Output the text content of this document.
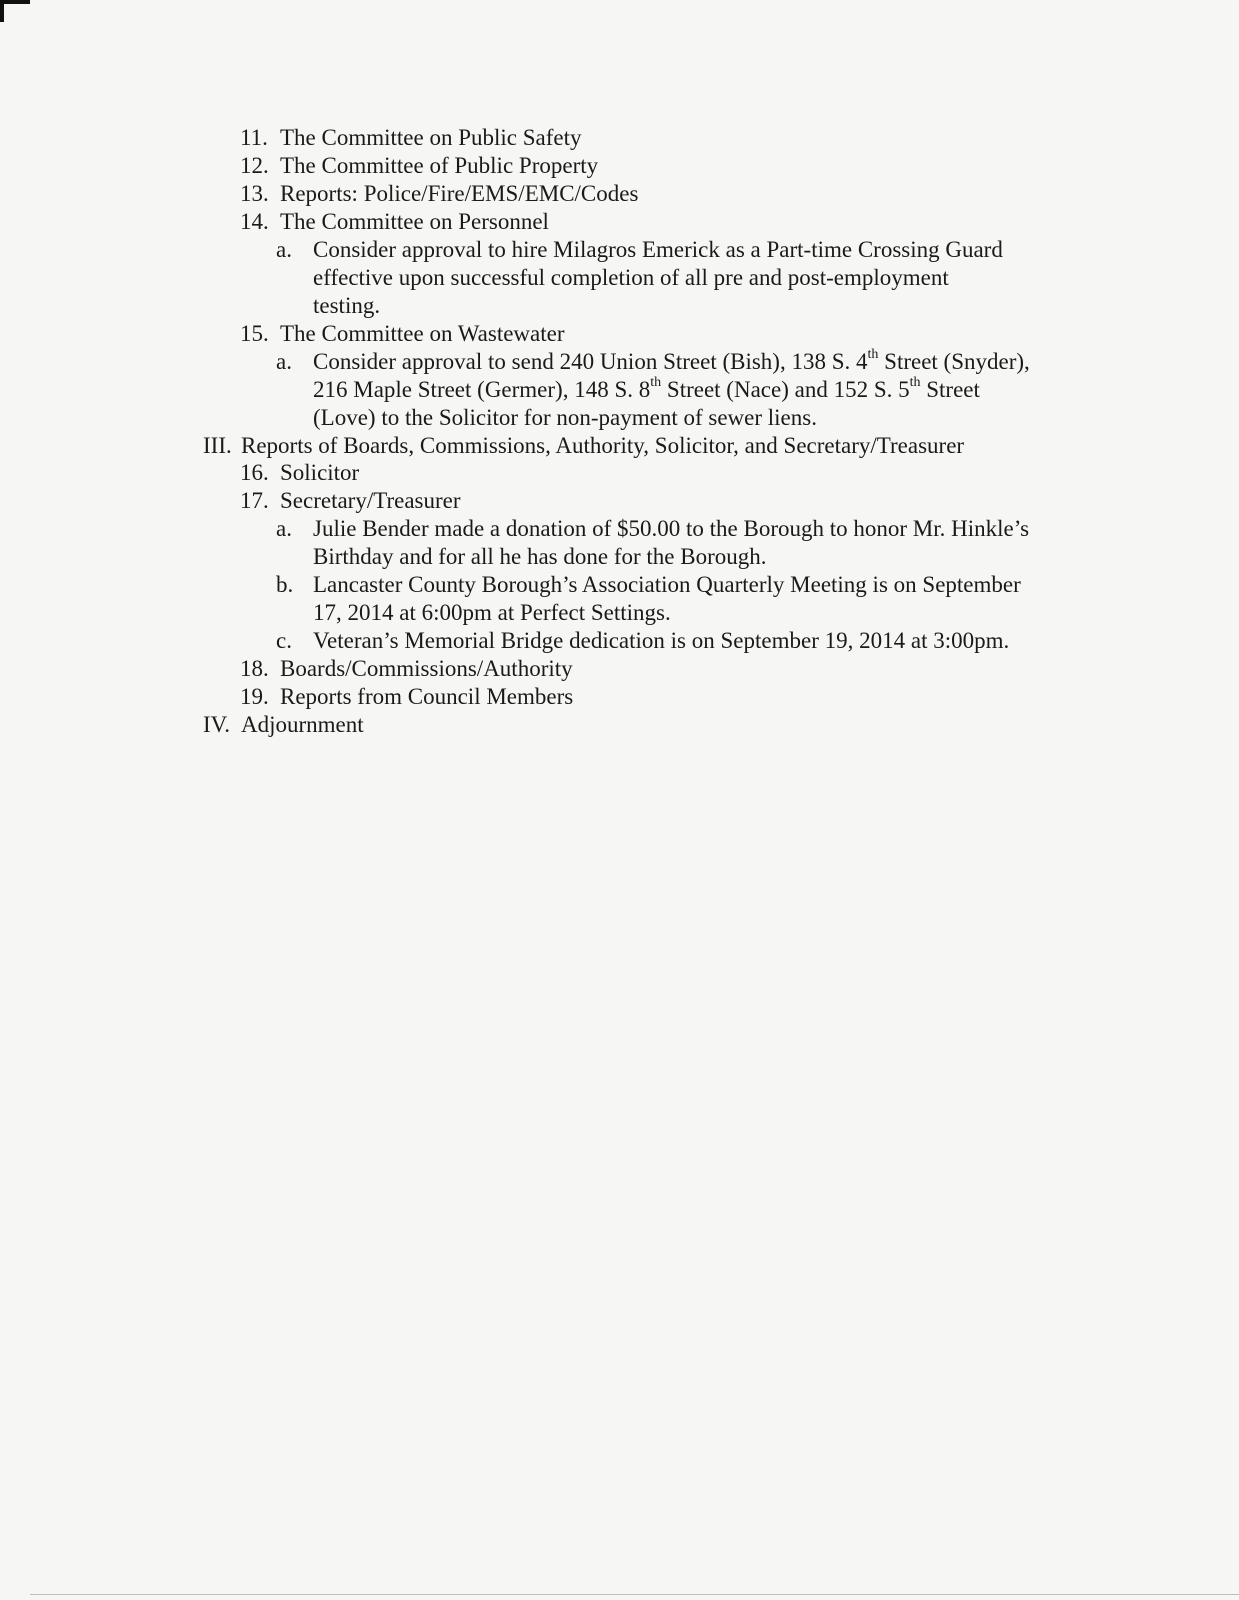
11. The Committee on Public Safety
12. The Committee of Public Property
13. Reports: Police/Fire/EMS/EMC/Codes
14. The Committee on Personnel
a. Consider approval to hire Milagros Emerick as a Part-time Crossing Guard
effective upon successful completion of all pre and post-employment
testing.
15. The Committee on Wastewater
a. Consider approval to send 240 Union Street (Bish), 138 S. 4th Street (Snyder),
216 Maple Street (Germer), 148 S. 8th Street (Nace) and 152 S. 5th Street
(Love) to the Solicitor for non-payment of sewer liens.
III. Reports of Boards, Commissions, Authority, Solicitor, and Secretary/Treasurer
16. Solicitor
17. Secretary/Treasurer
a. Julie Bender made a donation of $50.00 to the Borough to honor Mr. Hinkle’s
Birthday and for all he has done for the Borough.
b. Lancaster County Borough’s Association Quarterly Meeting is on September
17, 2014 at 6:00pm at Perfect Settings.
c. Veteran’s Memorial Bridge dedication is on September 19, 2014 at 3:00pm.
18. Boards/Commissions/Authority
19. Reports from Council Members
IV. Adjournment
